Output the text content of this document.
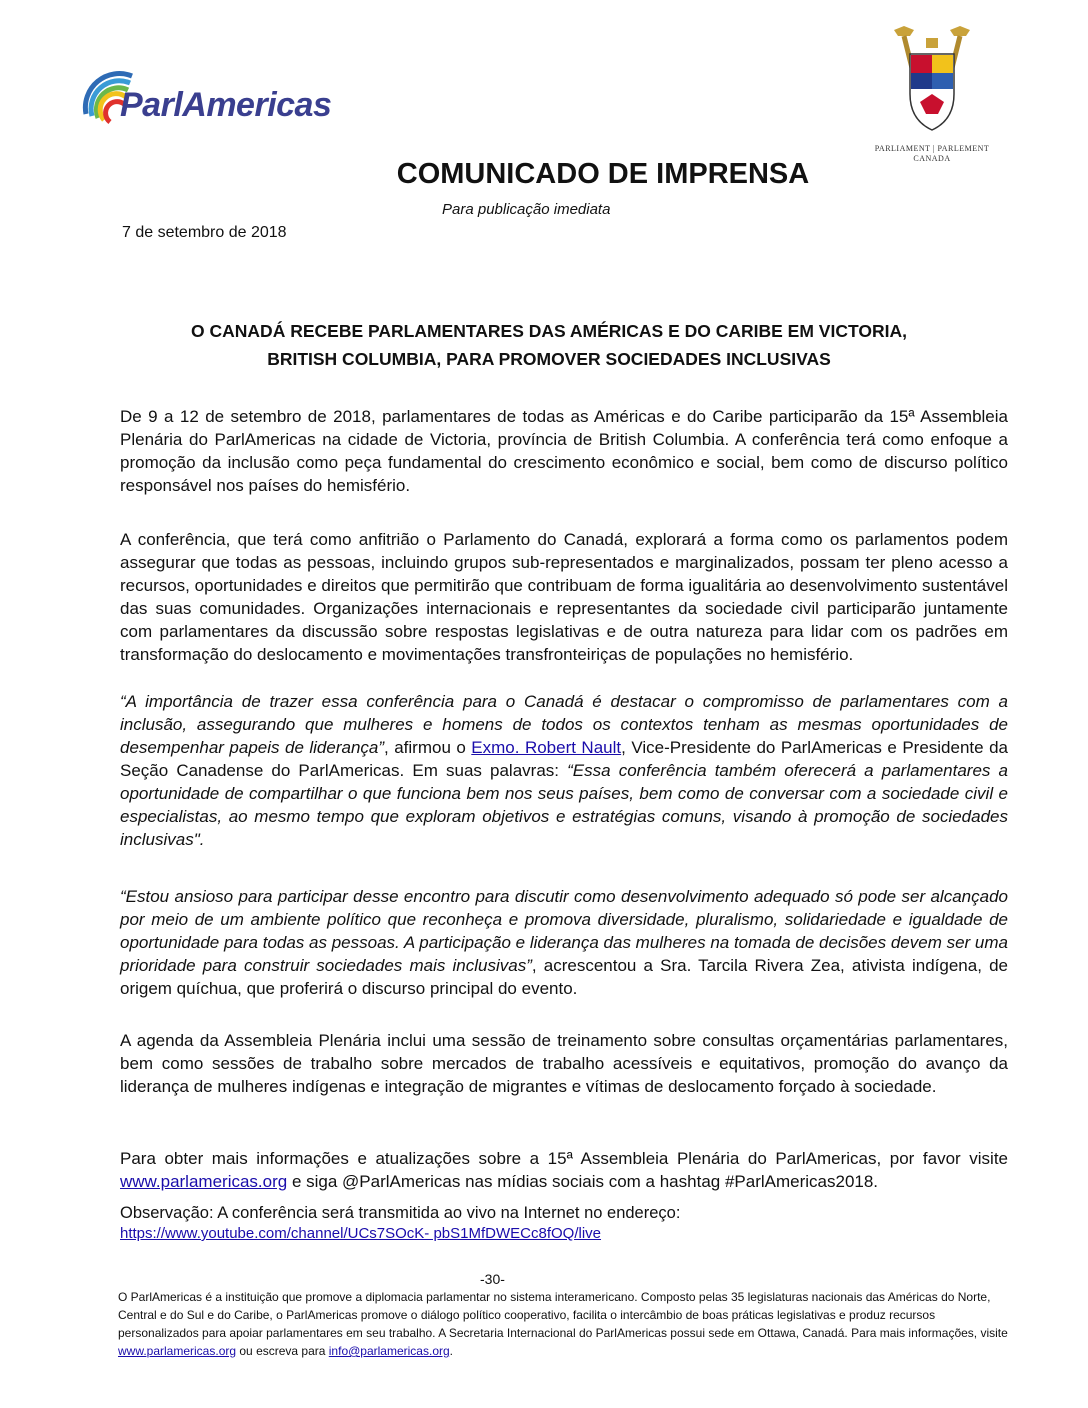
ParlAmericas
PARLIAMENT | PARLEMENT
CANADA
COMUNICADO DE IMPRENSA
Para publicação imediata
7 de setembro de 2018
O CANADÁ RECEBE PARLAMENTARES DAS AMÉRICAS E DO CARIBE EM VICTORIA,
BRITISH COLUMBIA, PARA PROMOVER SOCIEDADES INCLUSIVAS
De 9 a 12 de setembro de 2018, parlamentares de todas as Américas e do Caribe participarão da 15ª Assembleia Plenária do ParlAmericas na cidade de Victoria, província de British Columbia. A conferência terá como enfoque a promoção da inclusão como peça fundamental do crescimento econômico e social, bem como de discurso político responsável nos países do hemisfério.
A conferência, que terá como anfitrião o Parlamento do Canadá, explorará a forma como os parlamentos podem assegurar que todas as pessoas, incluindo grupos sub-representados e marginalizados, possam ter pleno acesso a recursos, oportunidades e direitos que permitirão que contribuam de forma igualitária ao desenvolvimento sustentável das suas comunidades. Organizações internacionais e representantes da sociedade civil participarão juntamente com parlamentares da discussão sobre respostas legislativas e de outra natureza para lidar com os padrões em transformação do deslocamento e movimentações transfronteiriças de populações no hemisfério.
“A importância de trazer essa conferência para o Canadá é destacar o compromisso de parlamentares com a inclusão, assegurando que mulheres e homens de todos os contextos tenham as mesmas oportunidades de desempenhar papeis de liderança”, afirmou o Exmo. Robert Nault, Vice-Presidente do ParlAmericas e Presidente da Seção Canadense do ParlAmericas. Em suas palavras: “Essa conferência também oferecerá a parlamentares a oportunidade de compartilhar o que funciona bem nos seus países, bem como de conversar com a sociedade civil e especialistas, ao mesmo tempo que exploram objetivos e estratégias comuns, visando à promoção de sociedades inclusivas".
“Estou ansioso para participar desse encontro para discutir como desenvolvimento adequado só pode ser alcançado por meio de um ambiente político que reconheça e promova diversidade, pluralismo, solidariedade e igualdade de oportunidade para todas as pessoas. A participação e liderança das mulheres na tomada de decisões devem ser uma prioridade para construir sociedades mais inclusivas”, acrescentou a Sra. Tarcila Rivera Zea, ativista indígena, de origem quíchua, que proferirá o discurso principal do evento.
A agenda da Assembleia Plenária inclui uma sessão de treinamento sobre consultas orçamentárias parlamentares, bem como sessões de trabalho sobre mercados de trabalho acessíveis e equitativos, promoção do avanço da liderança de mulheres indígenas e integração de migrantes e vítimas de deslocamento forçado à sociedade.
Para obter mais informações e atualizações sobre a 15ª Assembleia Plenária do ParlAmericas, por favor visite www.parlamericas.org e siga @ParlAmericas nas mídias sociais com a hashtag #ParlAmericas2018.
Observação: A conferência será transmitida ao vivo na Internet no endereço:
https://www.youtube.com/channel/UCs7SOcK- pbS1MfDWECc8fOQ/live
-30-
O ParlAmericas é a instituição que promove a diplomacia parlamentar no sistema interamericano. Composto pelas 35 legislaturas nacionais das Américas do Norte, Central e do Sul e do Caribe, o ParlAmericas promove o diálogo político cooperativo, facilita o intercâmbio de boas práticas legislativas e produz recursos personalizados para apoiar parlamentares em seu trabalho. A Secretaria Internacional do ParlAmericas possui sede em Ottawa, Canadá. Para mais informações, visite www.parlamericas.org ou escreva para info@parlamericas.org.
